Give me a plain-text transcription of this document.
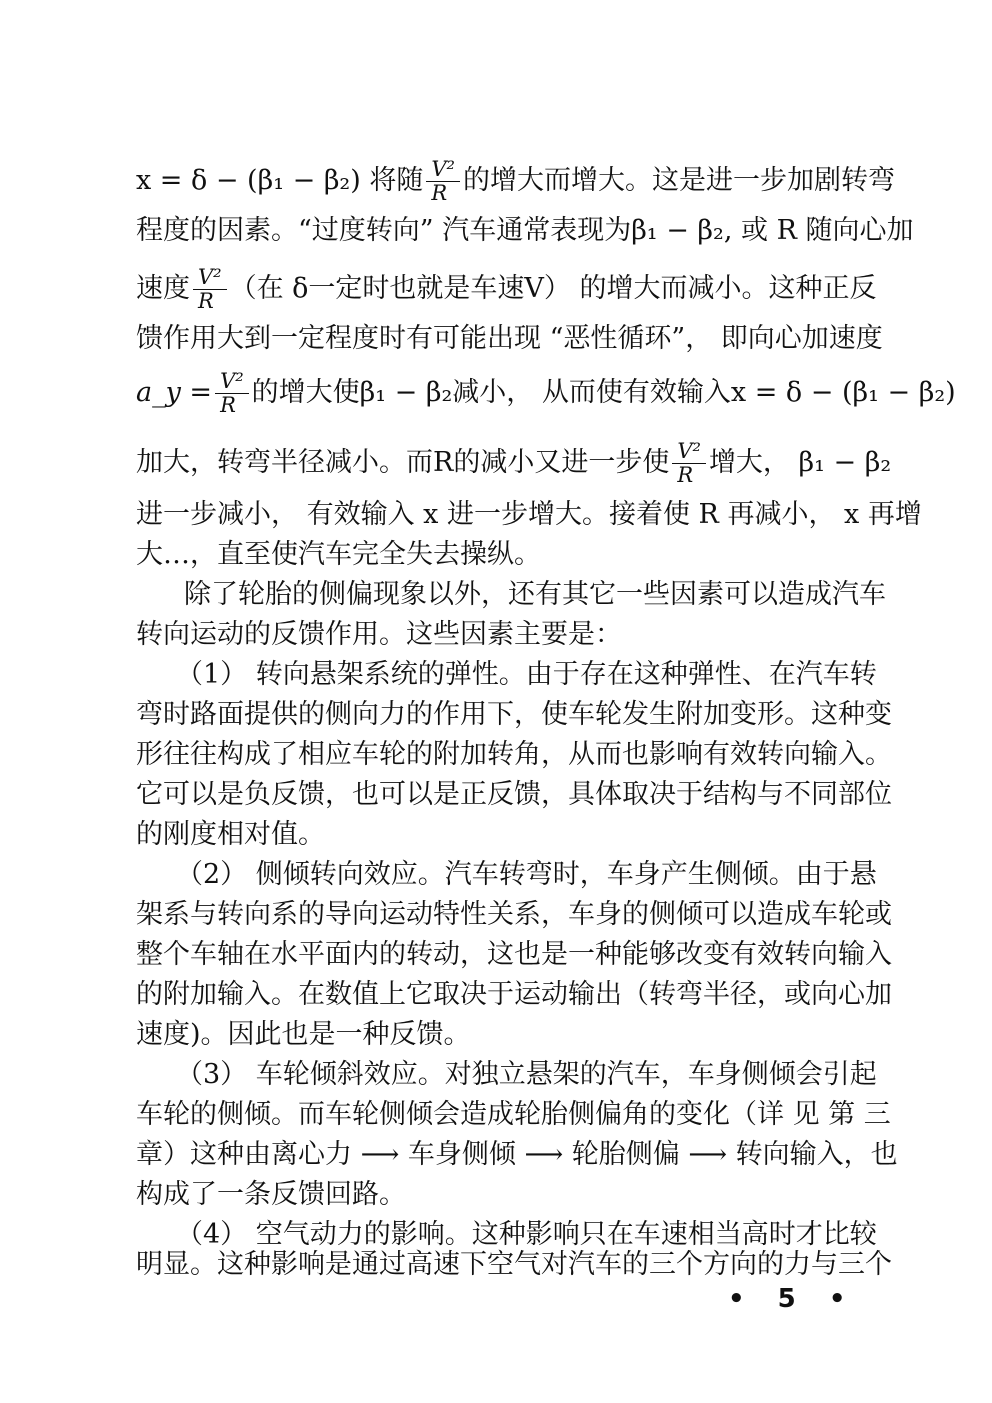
x = δ − (β₁ − β₂) 将随 $\frac{\text{V²}}{R}$ 的增大而增大。这是进一步加剧转弯
程度的因素。“过度转向” 汽车通常表现为β₁ − β₂, 或 R 随向心加
速度 $\frac{\text{V²}}{R}$ （在 δ一定时也就是车速V） 的增大而减小。这种正反
馈作用大到一定程度时有可能出现 “恶性循环”， 即向心加速度
a_y = $\frac{\text{V²}}{R}$ 的增大使β₁ − β₂减小， 从而使有效输入x = δ − (β₁ − β₂)
加大，转弯半径减小。而R的减小又进一步使 $\frac{\text{V²}}{R}$ 增大， β₁ − β₂
进一步减小， 有效输入 x 进一步增大。接着使 R 再减小， x 再增
大…，直至使汽车完全失去操纵。
除了轮胎的侧偏现象以外，还有其它一些因素可以造成汽车
转向运动的反馈作用。这些因素主要是：
（1） 转向悬架系统的弹性。由于存在这种弹性、在汽车转
弯时路面提供的侧向力的作用下，使车轮发生附加变形。这种变
形往往构成了相应车轮的附加转角，从而也影响有效转向输入。
它可以是负反馈，也可以是正反馈，具体取决于结构与不同部位
的刚度相对值。
（2） 侧倾转向效应。汽车转弯时，车身产生侧倾。由于悬
架系与转向系的导向运动特性关系，车身的侧倾可以造成车轮或
整个车轴在水平面内的转动，这也是一种能够改变有效转向输入
的附加输入。在数值上它取决于运动输出（转弯半径，或向心加
速度)。因此也是一种反馈。
（3） 车轮倾斜效应。对独立悬架的汽车，车身侧倾会引起
车轮的侧倾。而车轮侧倾会造成轮胎侧偏角的变化（详 见 第 三
章）这种由离心力 ⟶ 车身侧倾 ⟶ 轮胎侧偏 ⟶ 转向输入，也
构成了一条反馈回路。
（4） 空气动力的影响。这种影响只在车速相当高时才比较
明显。这种影响是通过高速下空气对汽车的三个方向的力与三个
• 5 •
